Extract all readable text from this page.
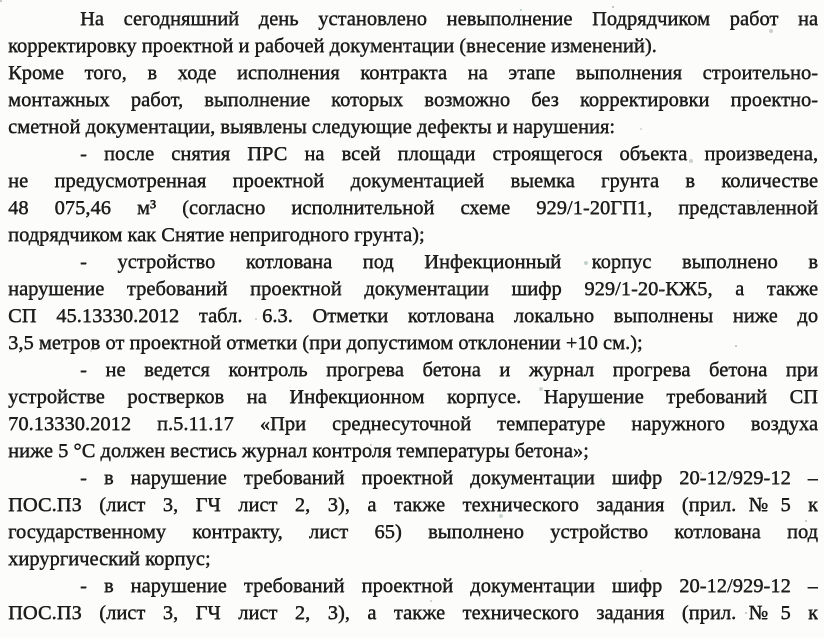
На сегодняшний день установлено невыполнение Подрядчиком работ на
корректировку проектной и рабочей документации (внесение изменений).
Кроме того, в ходе исполнения контракта на этапе выполнения строительно-
монтажных работ, выполнение которых возможно без корректировки проектно-
сметной документации, выявлены следующие дефекты и нарушения:
- после снятия ПРС на всей площади строящегося объекта произведена,
не предусмотренная проектной документацией выемка грунта в количестве
48 075,46 м³ (согласно исполнительной схеме 929/1-20ГП1, представленной
подрядчиком как Снятие непригодного грунта);
- устройство котлована под Инфекционный корпус выполнено в
нарушение требований проектной документации шифр 929/1-20-КЖ5, а также
СП 45.13330.2012 табл. 6.3. Отметки котлована локально выполнены ниже до
3,5 метров от проектной отметки (при допустимом отклонении +10 см.);
- не ведется контроль прогрева бетона и журнал прогрева бетона при
устройстве ростверков на Инфекционном корпусе. Нарушение требований СП
70.13330.2012 п.5.11.17 «При среднесуточной температуре наружного воздуха
ниже 5 °С должен вестись журнал контроля температуры бетона»;
- в нарушение требований проектной документации шифр 20-12/929-12 –
ПОС.ПЗ (лист 3, ГЧ лист 2, 3), а также технического задания (прил.№5 к
государственному контракту, лист 65) выполнено устройство котлована под
хирургический корпус;
- в нарушение требований проектной документации шифр 20-12/929-12 –
ПОС.ПЗ (лист 3, ГЧ лист 2, 3), а также технического задания (прил.№5 к
